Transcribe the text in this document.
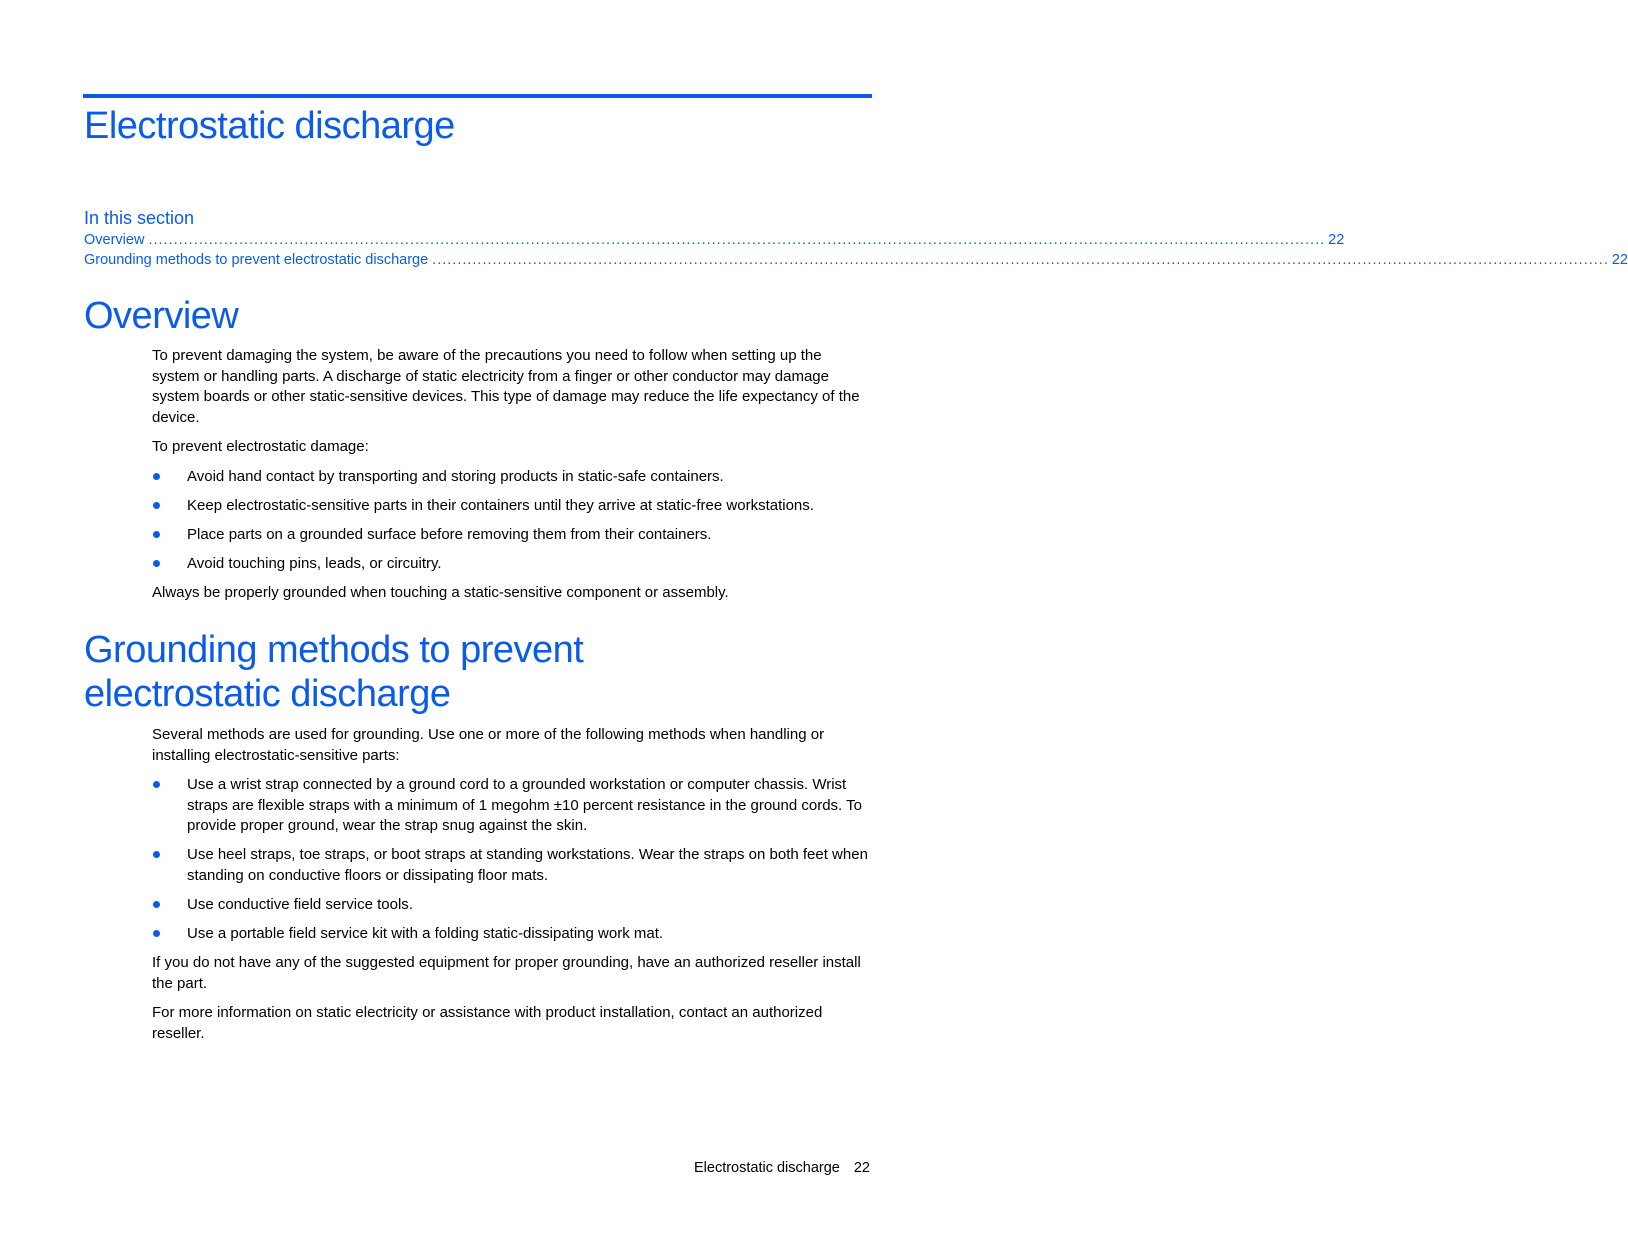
Electrostatic discharge
In this section
Overview .......................................................................................................................................................................................................................................... 22
Grounding methods to prevent electrostatic discharge .......................................................................................................................................................................................................................................... 22
Overview

To prevent damaging the system, be aware of the precautions you need to follow when setting up the system or handling parts. A discharge of static electricity from a finger or other conductor may damage system boards or other static-sensitive devices. This type of damage may reduce the life expectancy of the device.

To prevent electrostatic damage:

Avoid hand contact by transporting and storing products in static-safe containers.
Keep electrostatic-sensitive parts in their containers until they arrive at static-free workstations.
Place parts on a grounded surface before removing them from their containers.
Avoid touching pins, leads, or circuitry.

Always be properly grounded when touching a static-sensitive component or assembly.

Grounding methods to prevent electrostatic discharge

Several methods are used for grounding. Use one or more of the following methods when handling or installing electrostatic-sensitive parts:

Use a wrist strap connected by a ground cord to a grounded workstation or computer chassis. Wrist straps are flexible straps with a minimum of 1 megohm ±10 percent resistance in the ground cords. To provide proper ground, wear the strap snug against the skin.
Use heel straps, toe straps, or boot straps at standing workstations. Wear the straps on both feet when standing on conductive floors or dissipating floor mats.
Use conductive field service tools.
Use a portable field service kit with a folding static-dissipating work mat.

If you do not have any of the suggested equipment for proper grounding, have an authorized reseller install the part.

For more information on static electricity or assistance with product installation, contact an authorized reseller.

Electrostatic discharge 22
